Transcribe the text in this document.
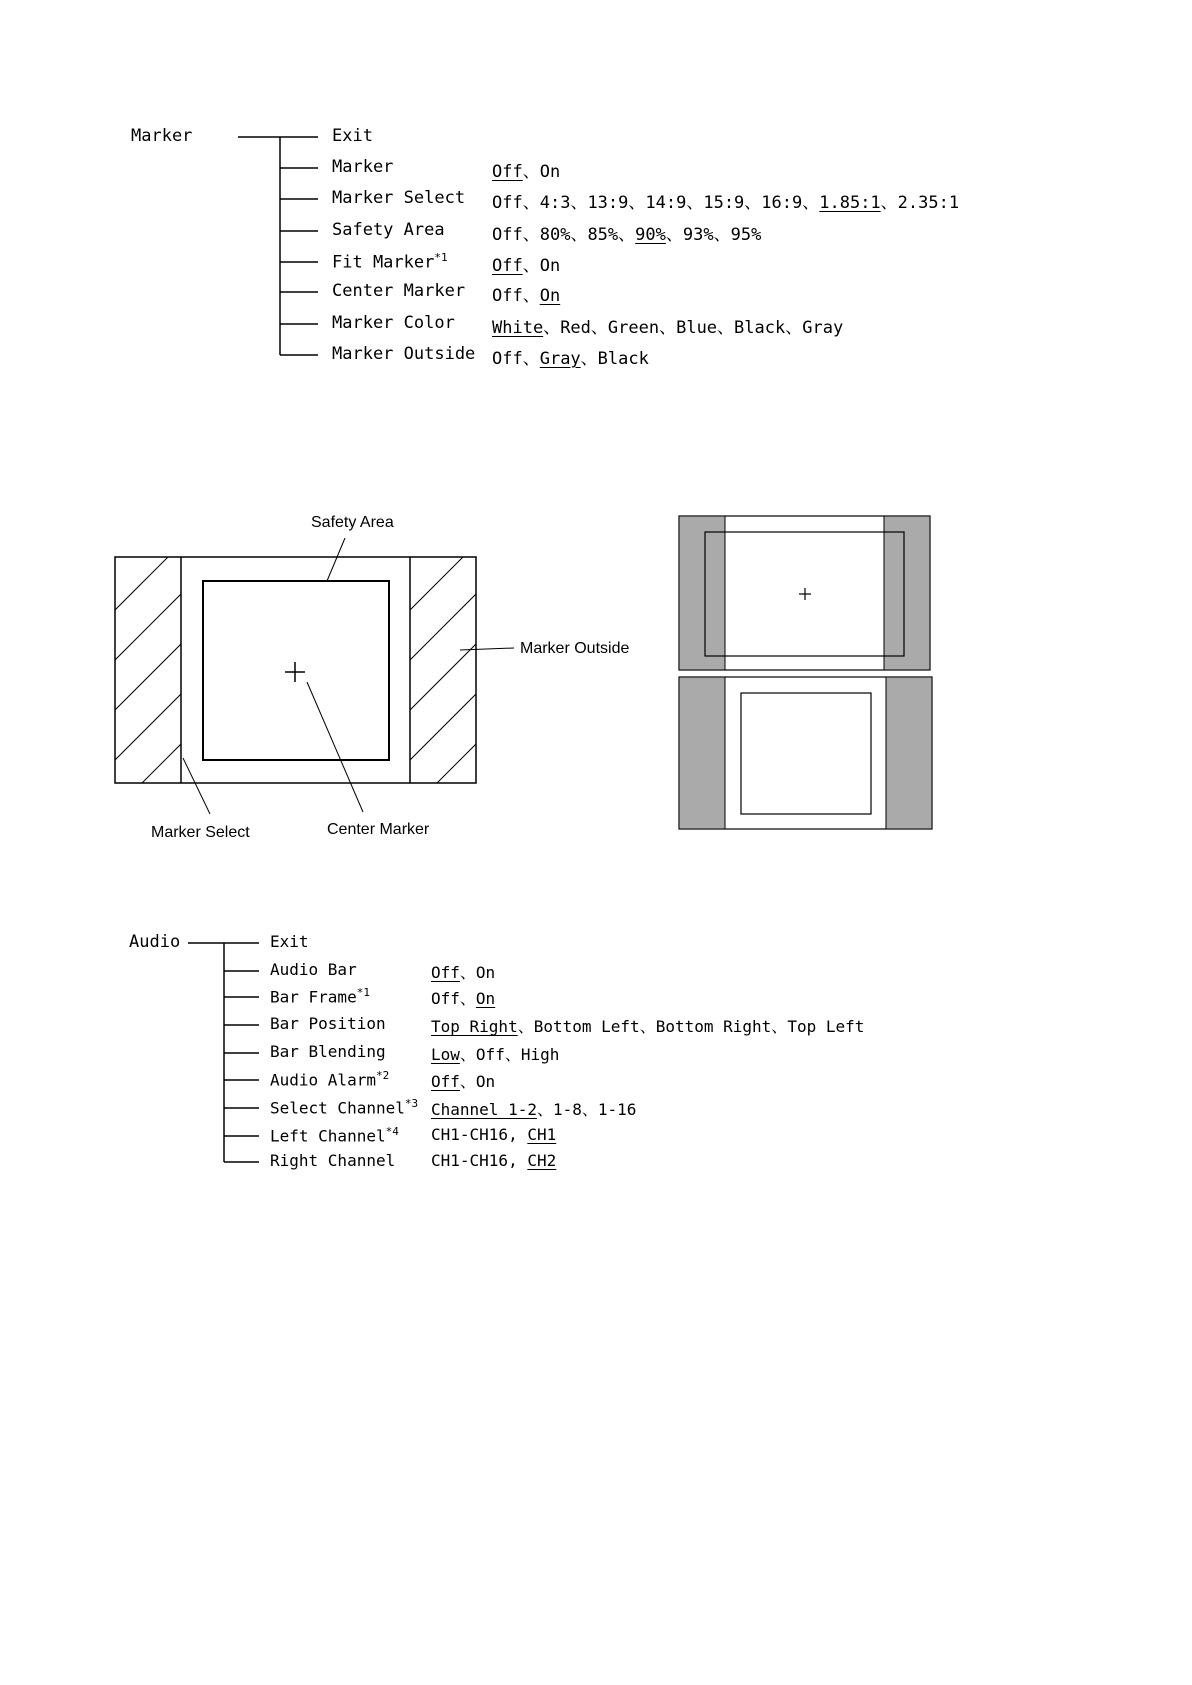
Marker	Exit
Marker	Off、On
Marker Select Off、4:3、13:9、14:9、15:9、16:9、1.85:1、2.35:1
Safety Area	Off、80%、85%、90%、93%、95%
Fit Marker$^{*1}$	Off、On
Center Marker Off、On
Marker Color White、Red、Green、Blue、Black、Gray
Marker Outside Off、Gray、Black
Safety Area
Marker Outside
Marker Select	Center Marker
Audio	Exit
Audio Bar	Off、On
Bar Frame$^{*1}$	Off、On
Bar Position	Top Right、Bottom Left、Bottom Right、Top Left
Bar Blending	Low、Off、High
Audio Alarm$^{*2}$	Off、On
Select Channel$^{*3}$ Channel 1-2、1-8、1-16
Left Channel$^{*4}$ CH1-CH16, CH1
Right Channel CH1-CH16, CH2
